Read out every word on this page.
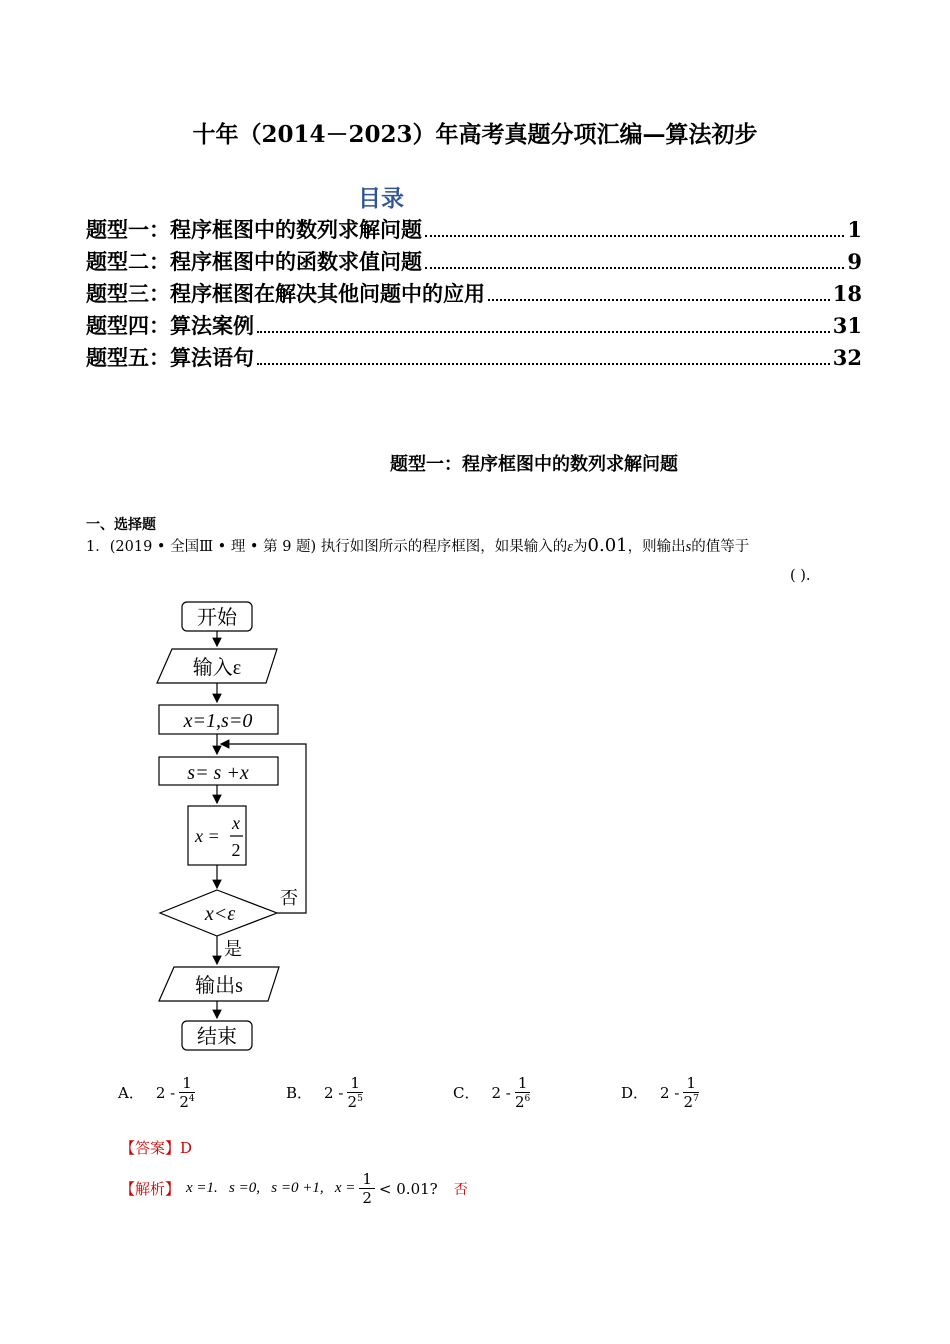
十年（2014－2023）年高考真题分项汇编—算法初步
目录
题型一：程序框图中的数列求解问题	1
题型二：程序框图中的函数求值问题	9
题型三：程序框图在解决其他问题中的应用	18
题型四：算法案例	31
题型五：算法语句	32
题型一：程序框图中的数列求解问题
一、选择题
1．(2019 • 全国Ⅲ • 理 • 第 9 题) 执行如图所示的程序框图，如果输入的ε为0.01，则输出s的值等于
( ).
开始
输入ε
x=1,s=0
s= s +x
x =
x
2
x<ε
否
是
输出s
结束
A． $2 - \frac{1}{2^4}$	B． $2 - \frac{1}{2^5}$	C． $2 - \frac{1}{2^6}$	D． $2 - \frac{1}{2^7}$
【答案】D
【解析】 x =1.   s =0,   s =0 +1,   $x = \frac{1}{2} < 0.01$? 否
